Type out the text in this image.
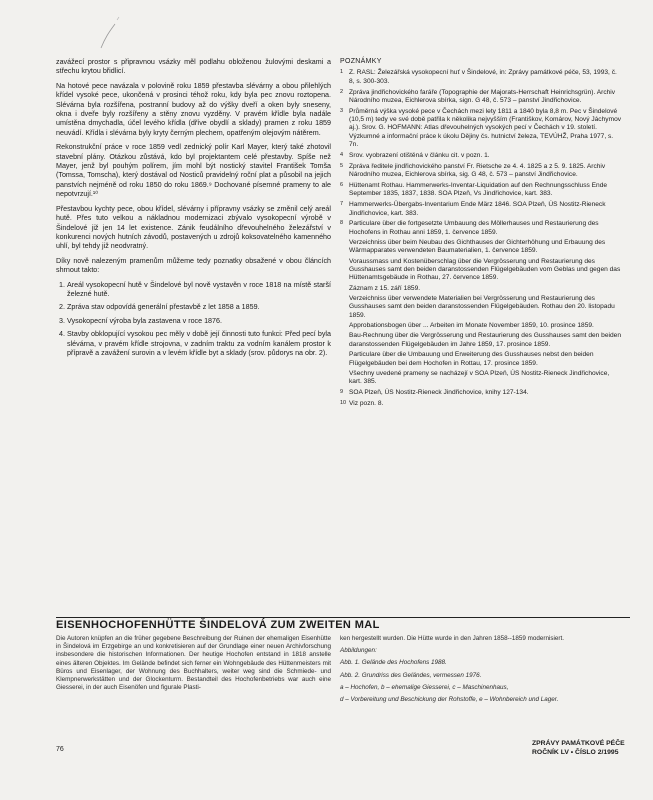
zavážecí prostor s připravnou vsázky měl podlahu obloženou žulovými deskami a střechu krytou břidlicí.

Na hotové pece navázala v polovině roku 1859 přestavba slévárny a obou přilehlých křídel vysoké pece, ukončená v prosinci téhož roku, kdy byla pec znovu roztopena. Slévárna byla rozšířena, postranní budovy až do výšky dveří a oken byly sneseny, okna i dveře byly rozšířeny a stěny znovu vyzděny. V pravém křídle byla nadále umístěna dmychadla, účel levého křídla (dříve obydlí a sklady) pramen z roku 1859 neuvádí. Křídla i slévárna byly kryty černým plechem, opatřeným olejovým nátěrem.

Rekonstrukční práce v roce 1859 vedl zednický polír Karl Mayer, který také zhotovil stavební plány. Otázkou zůstává, kdo byl projektantem celé přestavby. Spíše než Mayer, jenž byl pouhým polírem, jím mohl být nostický stavitel František Tomša (Tomssa, Tomscha), který dostával od Nosticů pravidelný roční plat a působil na jejich panstvích nejméně od roku 1850 do roku 1869.⁹ Dochované písemné prameny to ale nepotvrzují.¹⁰

Přestavbou kychty pece, obou křídel, slévárny i přípravny vsázky se změnil celý areál hutě. Přes tuto velkou a nákladnou modernizaci zbývalo vysokopecní výrobě v Šindelové již jen 14 let existence. Zánik feudálního dřevouhelného železářství v konkurenci nových hutních závodů, postavených u zdrojů koksovatelného kamenného uhlí, byl tehdy již neodvratný.

Díky nově nalezeným pramenům můžeme tedy poznatky obsažené v obou článcích shrnout takto:

1. Areál vysokopecní hutě v Šindelové byl nově vystavěn v roce 1818 na místě starší železné hutě.
2. Zpráva stav odpovídá generální přestavbě z let 1858 a 1859.
3. Vysokopecní výroba byla zastavena v roce 1876.
4. Stavby obklopující vysokou pec měly v době její činnosti tuto funkci: Před pecí byla slévárna, v pravém křídle strojovna, v zadním traktu za vodním kanálem prostor k přípravě a zavážení surovin a v levém křídle byt a sklady (srov. půdorys na obr. 2).
POZNÁMKY
1 Z. RASL: Železářská vysokopecní huť v Šindelové, in: Zprávy památkové péče, 53, 1993, č. 8, s. 300-303.
2 Zpráva jindřichovického faráře (Topographie der Majorats-Herrschaft Heinrichsgrün). Archiv Národního muzea, Eichlerova sbírka, sign. G 48, č. 573 – panství Jindřichovice.
3 Průměrná výška vysoké pece v Čechách mezi lety 1811 a 1840 byla 8,8 m. Pec v Šindelové (10,5 m) tedy ve své době patřila k několika nejvyšším (Františkov, Komárov, Nový Jáchymov aj.). Srov. G. HOFMANN: Atlas dřevouhelných vysokých pecí v Čechách v 19. století. Výzkumné a informační práce k úkolu Dějiny čs. hutnictví železa, TEVÚHŽ, Praha 1977, s. 7n.
4 Srov. vyobrazení otištěná v článku cit. v pozn. 1.
5 Zpráva ředitele jindřichovického panství Fr. Rietsche ze 4. 4. 1825 a z 5. 9. 1825. Archiv Národního muzea, Eichlerova sbírka, sig. G 48, č. 573 – panství Jindřichovice.
6 Hüttenamt Rothau. Hammerwerks-Inventar-Liquidation auf den Rechnungsschluss Ende September 1835, 1837, 1838. SOA Plzeň, Vs Jindřichovice, kart. 383.
7 Hammerwerks-Übergabs-Inventarium Ende März 1846. SOA Plzeň, ÚS Nostitz-Rieneck Jindřichovice, kart. 383.
8 Particulare über die fortgesetzte Umbauung des Möllerhauses und Restaurierung des Hochofens in Rothau anni 1859, 1. července 1859.
Verzeichniss über beim Neubau des Gichthauses der Gichterhöhung und Erbauung des Wärmapparates verwendeten Baumaterialien, 1. července 1859.
Voraussmass und Kostenüberschlag über die Vergrösserung und Restaurierung des Gusshauses samt den beiden daranstossenden Flügelgebäuden vom Geblas und gegen das Hüttenamtsgebäude in Rothau, 27. července 1859.
Záznam z 15. září 1859.
Verzeichniss über verwendete Materialien bei Vergrösserung und Restaurierung des Gusshauses samt den beiden daranstossenden Flügelgebäuden. Rothau den 20. listopadu 1859.
Approbationsbogen über ... Arbeiten im Monate November 1859, 10. prosince 1859.
Bau-Rechnung über die Vergrösserung und Restaurierung des Gusshauses samt den beiden daranstossenden Flügelgebäuden im Jahre 1859, 17. prosince 1859.
Particulare über die Umbauung und Erweiterung des Gusshauses nebst den beiden Flügelgebäuden bei dem Hochofen in Rottau, 17. prosince 1859.
Všechny uvedené prameny se nacházejí v SOA Plzeň, ÚS Nostitz-Rieneck Jindřichovice, kart. 385.
9 SOA Plzeň, ÚS Nostitz-Rieneck Jindřichovice, knihy 127-134.
10 Viz pozn. 8.
EISENHOCHOFENHÜTTE ŠINDELOVÁ ZUM ZWEITEN MAL
Die Autoren knüpfen an die früher gegebene Beschreibung der Ruinen der ehemaligen Eisenhütte in Šindelová im Erzgebirge an und konkretisieren auf der Grundlage einer neuen Archivforschung insbesondere die historischen Informationen. Der heutige Hochofen entstand in 1818 anstelle eines älteren Objektes. Im Gelände befindet sich ferner ein Wohngebäude des Hüttenmeisters mit Büros und Eisenlager, der Wohnung des Buchhalters, weiter weg sind die Schmiede- und Klempnerwerkstätten und der Glockenturm. Bestandteil des Hochofenbetriebs war auch eine Giesserei, in der auch Eisenöfen und figurale Plasti-

ken hergestellt wurden. Die Hütte wurde in den Jahren 1858--1859 modernisiert.

Abbildungen:

Abb. 1. Gelände des Hochofens 1988.

Abb. 2. Grundriss des Geländes, vermessen 1976.

a – Hochofen, b – ehemalige Giesserei, c – Maschinenhaus,

d – Vorbereitung und Beschickung der Rohstoffe, e – Wohnbereich und Lager.

76
ZPRÁVY PAMÁTKOVÉ PÉČE
ROČNÍK LV • ČÍSLO 2/1995
